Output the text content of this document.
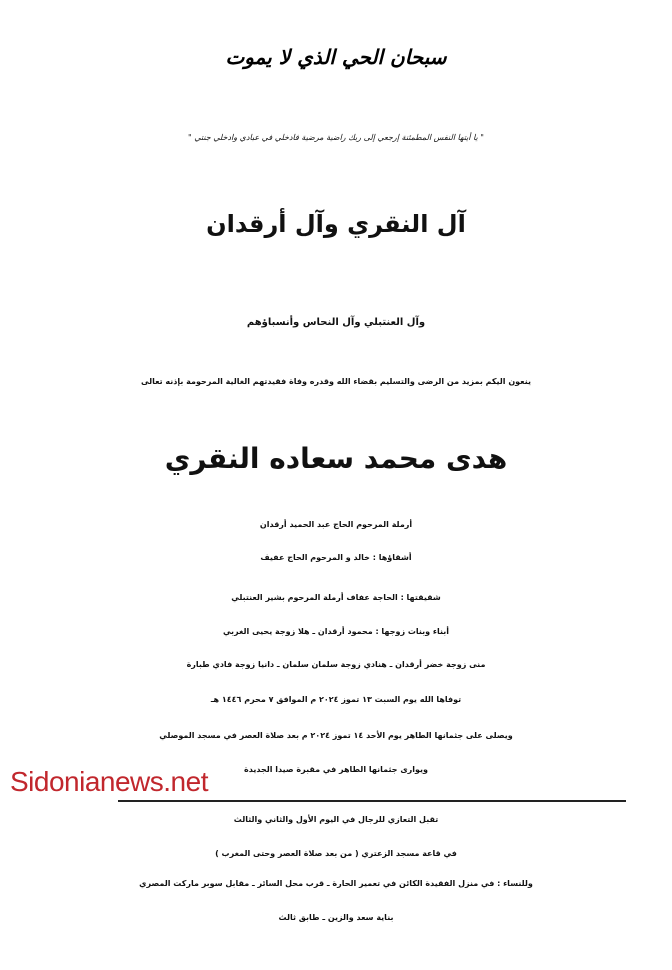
سبحان الحي الذي لا يموت
" يا أيتها النفس المطمئنة إرجعي إلى ربك راضية مرضية فادخلي في عبادي وادخلي جنتي "
آل النقري وآل أرقدان
وآل العنتبلي وآل النحاس وأنسباؤهم
ينعون اليكم بمزيد من الرضى والتسليم بقضاء الله وقدره وفاة فقيدتهم الغالية المرحومة بإذنه تعالى
هدى محمد سعاده النقري
أرملة المرحوم الحاج عبد الحميد أرقدان
أشقاؤها : خالد و المرحوم الحاج عفيف
شقيقتها : الحاجة عفاف أرملة المرحوم بشير العنتبلي
أبناء وبنات زوجها : محمود أرقدان ـ هلا زوجة يحيى الغربي
منى زوجة خضر أرقدان ـ هنادي زوجة سلمان سلمان ـ دانيا زوجة فادي طبارة
توفاها الله يوم السبت ١٣ تموز ٢٠٢٤ م الموافق ٧ محرم ١٤٤٦ هـ
ويصلى على جثمانها الطاهر يوم الأحد ١٤ تموز ٢٠٢٤ م بعد صلاة العصر في مسجد الموصلي
ويوارى جثمانها الطاهر في مقبرة صيدا الجديدة
Sidonianews.net
تقبل التعازي للرجال في اليوم الأول والثاني والثالث
في قاعة مسجد الزعتري ( من بعد صلاة العصر وحتى المغرب )
وللنساء : في منزل الفقيدة الكائن في تعمير الحارة ـ قرب محل السائر ـ مقابل سوبر ماركت المصري
بناية سعد والزين ـ طابق ثالث
